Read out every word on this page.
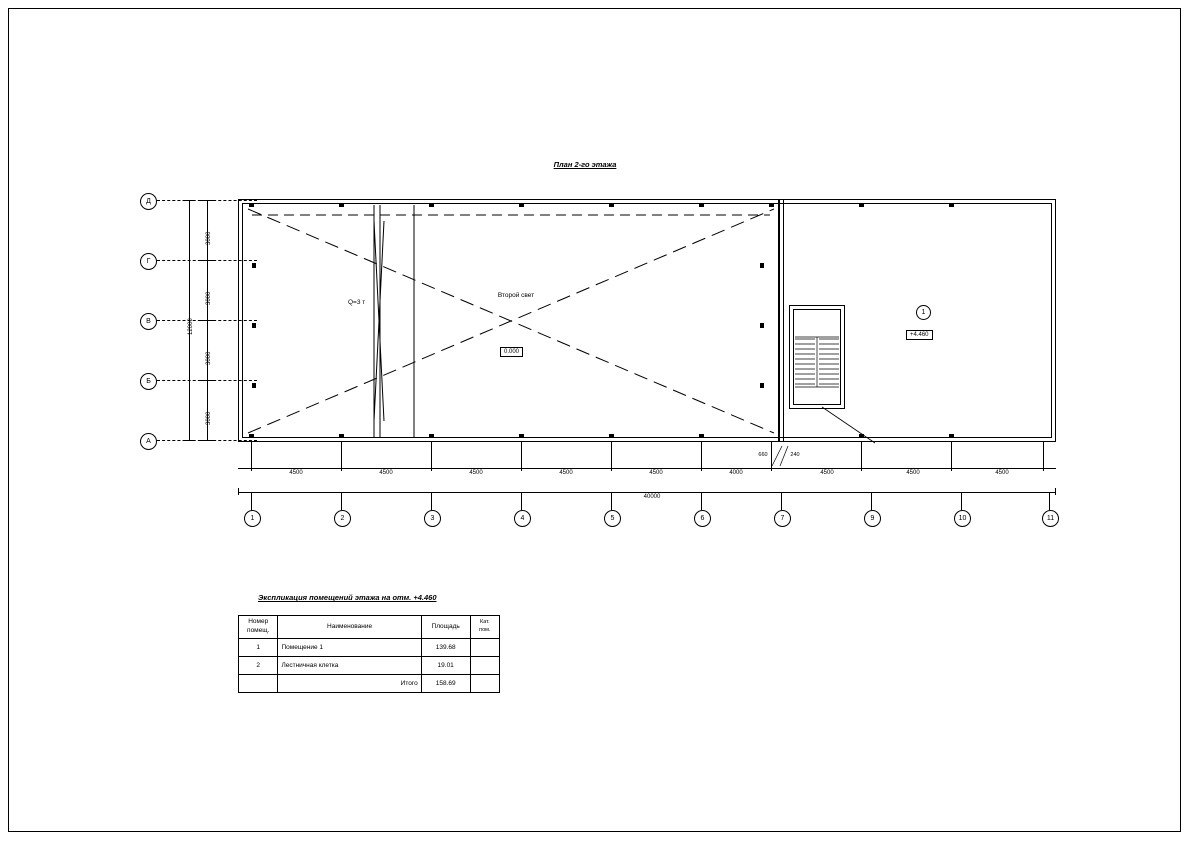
План 2-го этажа
Д
Г
В
Б
А
3000
3000
3000
3000
12000
Q=3 т
Второй свет
0.000
1
+4.460
4500	4500	4500	4500	4500	4000	4500	4500	4500
660	240
40000
1	2	3	4	5	6	7	9	10	11
Экспликация помещений этажа на отм. +4.460
Номер помещ.	Наименование	Площадь	Кат. пом.
1	Помещение 1	139.68	
2	Лестничная клетка	19.01	
	Итого	158.69	
